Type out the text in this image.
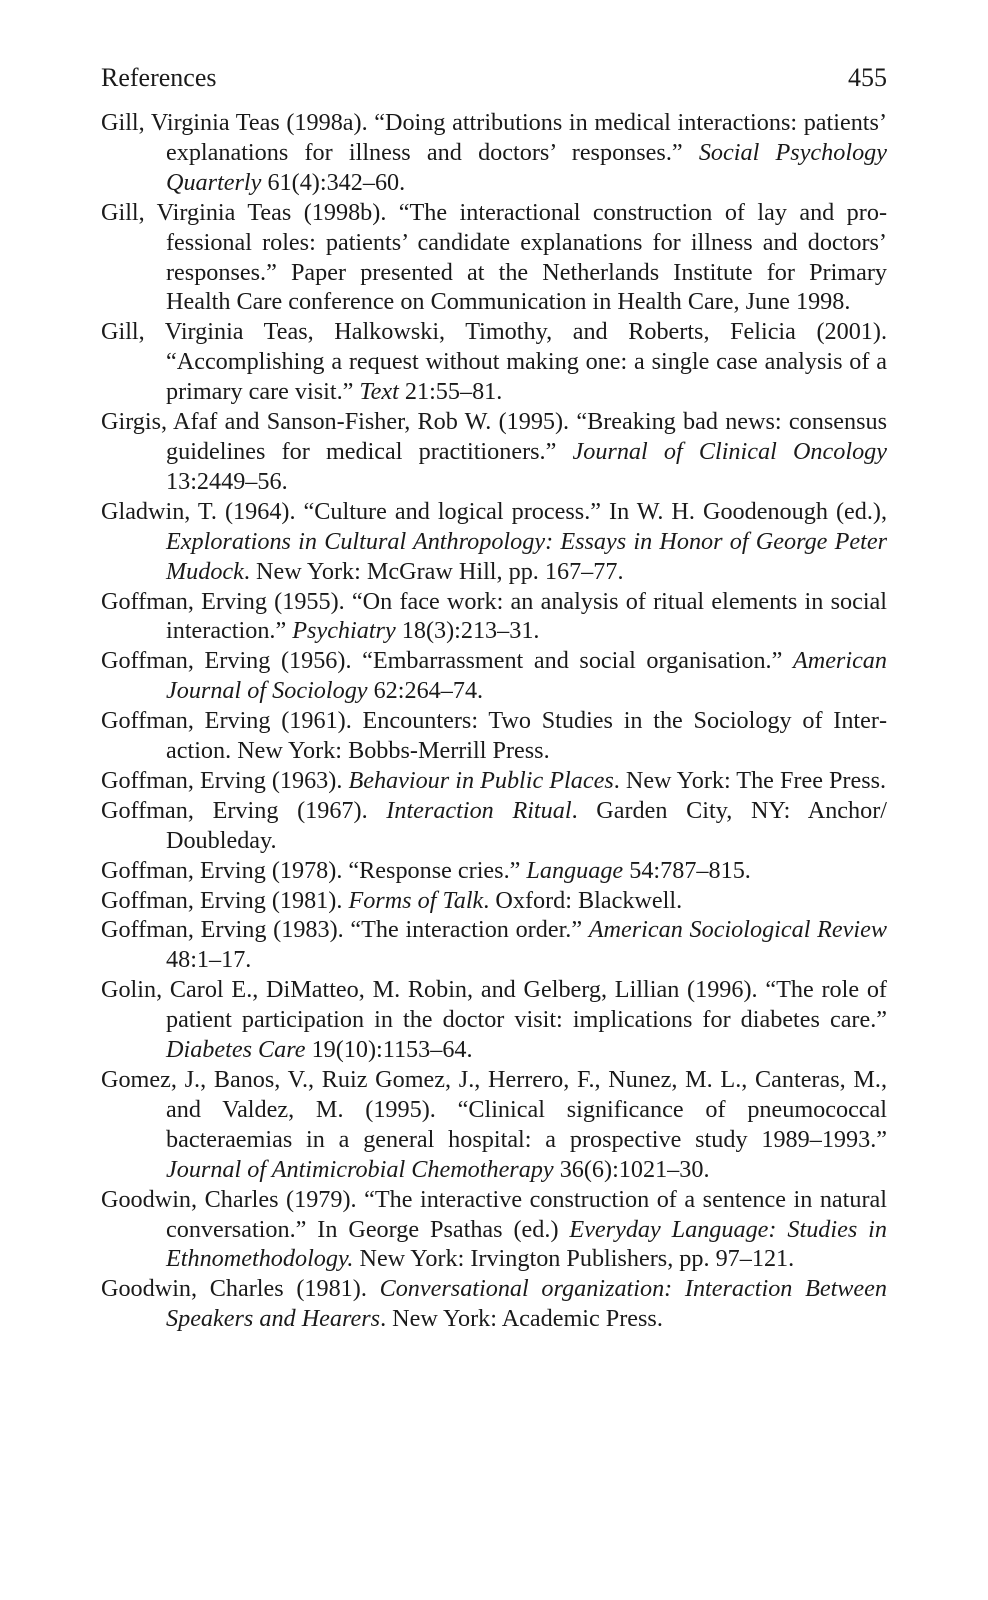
References	455

Gill, Virginia Teas (1998a). “Doing attributions in medical interactions: patients’ explanations for illness and doctors’ responses.” Social Psychology Quarterly 61(4):342–60.

Gill, Virginia Teas (1998b). “The interactional construction of lay and professional roles: patients’ candidate explanations for illness and doctors’ responses.” Paper presented at the Netherlands Institute for Primary Health Care conference on Communication in Health Care, June 1998.

Gill, Virginia Teas, Halkowski, Timothy, and Roberts, Felicia (2001). “Accomplishing a request without making one: a single case analysis of a primary care visit.” Text 21:55–81.

Girgis, Afaf and Sanson-Fisher, Rob W. (1995). “Breaking bad news: consensus guidelines for medical practitioners.” Journal of Clinical Oncology 13:2449–56.

Gladwin, T. (1964). “Culture and logical process.” In W. H. Goodenough (ed.), Explorations in Cultural Anthropology: Essays in Honor of George Peter Mudock. New York: McGraw Hill, pp. 167–77.

Goffman, Erving (1955). “On face work: an analysis of ritual elements in social interaction.” Psychiatry 18(3):213–31.

Goffman, Erving (1956). “Embarrassment and social organisation.” American Journal of Sociology 62:264–74.

Goffman, Erving (1961). Encounters: Two Studies in the Sociology of Interaction. New York: Bobbs-Merrill Press.

Goffman, Erving (1963). Behaviour in Public Places. New York: The Free Press.

Goffman, Erving (1967). Interaction Ritual. Garden City, NY: Anchor/ Doubleday.

Goffman, Erving (1978). “Response cries.” Language 54:787–815.

Goffman, Erving (1981). Forms of Talk. Oxford: Blackwell.

Goffman, Erving (1983). “The interaction order.” American Sociological Review 48:1–17.

Golin, Carol E., DiMatteo, M. Robin, and Gelberg, Lillian (1996). “The role of patient participation in the doctor visit: implications for diabetes care.” Diabetes Care 19(10):1153–64.

Gomez, J., Banos, V., Ruiz Gomez, J., Herrero, F., Nunez, M. L., Canteras, M., and Valdez, M. (1995). “Clinical significance of pneumococcal bacteraemias in a general hospital: a prospective study 1989–1993.” Journal of Antimicrobial Chemotherapy 36(6):1021–30.

Goodwin, Charles (1979). “The interactive construction of a sentence in natural conversation.” In George Psathas (ed.) Everyday Language: Studies in Ethnomethodology. New York: Irvington Publishers, pp. 97–121.

Goodwin, Charles (1981). Conversational organization: Interaction Between Speakers and Hearers. New York: Academic Press.
